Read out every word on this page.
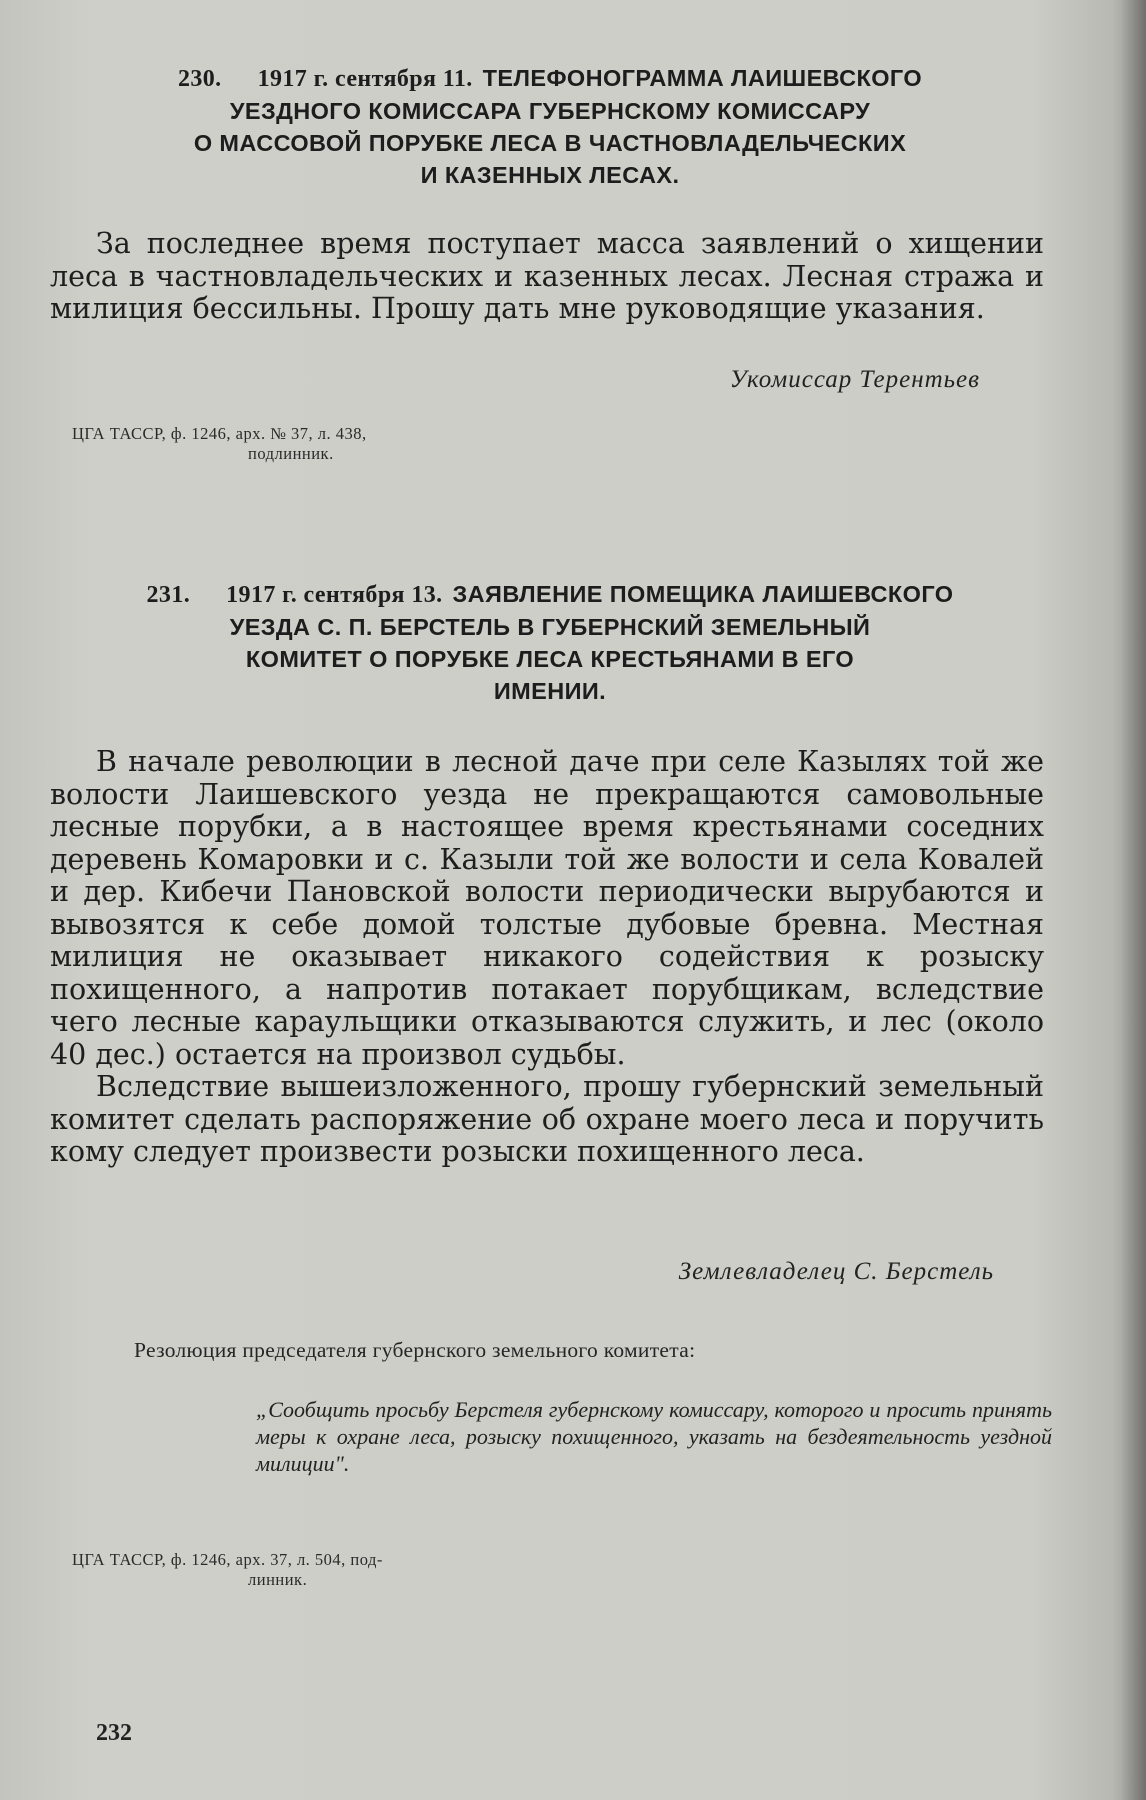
230. 1917 г. сентября 11. ТЕЛЕФОНОГРАММА ЛАИШЕВСКОГО
УЕЗДНОГО КОМИССАРА ГУБЕРНСКОМУ КОМИССАРУ
О МАССОВОЙ ПОРУБКЕ ЛЕСА В ЧАСТНОВЛАДЕЛЬЧЕСКИХ
И КАЗЕННЫХ ЛЕСАХ.

За последнее время поступает масса заявлений о хищении леса в частновладельческих и казенных лесах. Лесная стража и милиция бессильны. Прошу дать мне руководящие указания.

Укомиссар Терентьев
ЦГА ТАССР, ф. 1246, арх. № 37, л. 438,
подлинник.
231. 1917 г. сентября 13. ЗАЯВЛЕНИЕ ПОМЕЩИКА ЛАИШЕВСКОГО
УЕЗДА С. П. БЕРСТЕЛЬ В ГУБЕРНСКИЙ ЗЕМЕЛЬНЫЙ
КОМИТЕТ О ПОРУБКЕ ЛЕСА КРЕСТЬЯНАМИ В ЕГО
ИМЕНИИ.

В начале революции в лесной даче при селе Казылях той же волости Лаишевского уезда не прекращаются самовольные лесные порубки, а в настоящее время крестьянами соседних деревень Комаровки и с. Казыли той же волости и села Ковалей и дер. Кибечи Пановской волости периодически вырубаются и вывозятся к себе домой толстые дубовые бревна. Местная милиция не оказывает никакого содействия к розыску похищенного, а напротив потакает порубщикам, вследствие чего лесные караульщики отказываются служить, и лес (около 40 дес.) остается на произвол судьбы.

Вследствие вышеизложенного, прошу губернский земельный комитет сделать распоряжение об охране моего леса и поручить кому следует произвести розыски похищенного леса.

Землевладелец С. Берстель
Резолюция председателя губернского земельного комитета:
„Сообщить просьбу Берстеля губернскому комиссару, которого и просить принять меры к охране леса, розыску похищенного, указать на бездеятельность уездной милиции".
ЦГА ТАССР, ф. 1246, арх. 37, л. 504, под-
линник.
232
